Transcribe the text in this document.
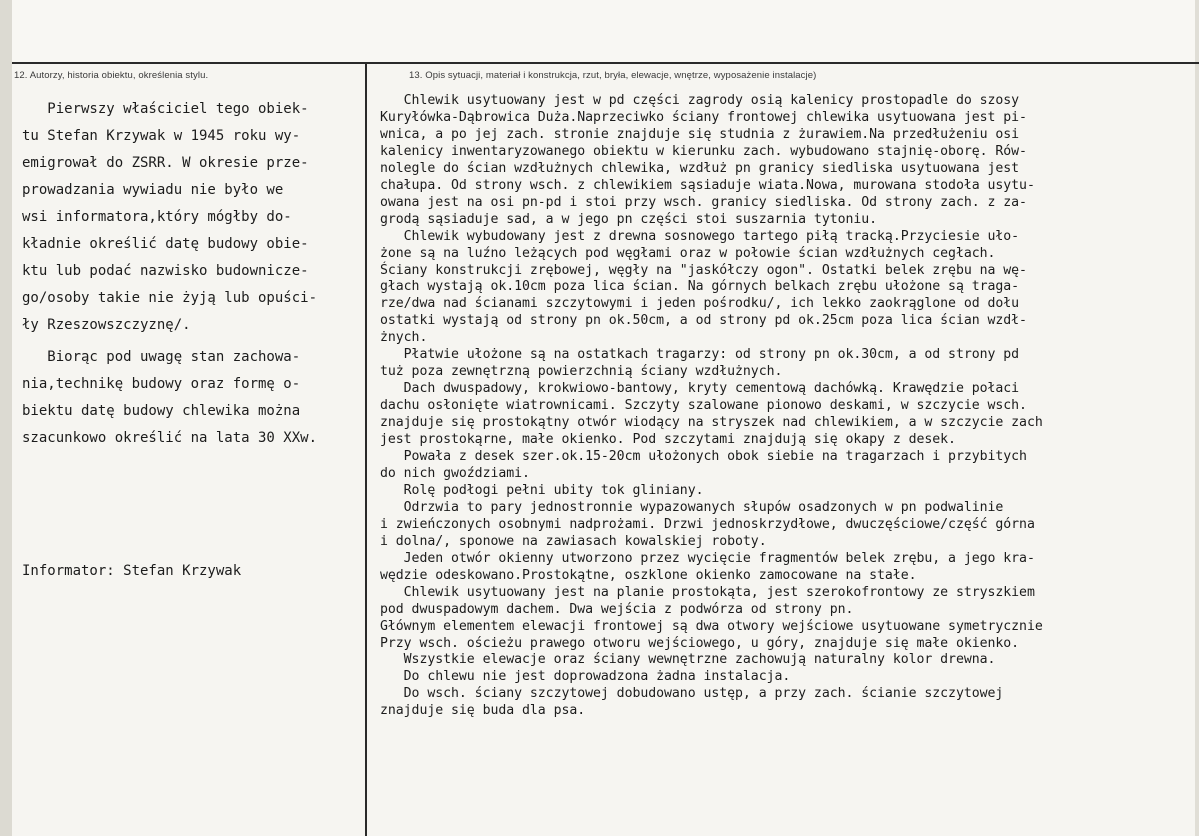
12. Autorzy, historia obiektu, określenia stylu.	13. Opis sytuacji, materiał i konstrukcja, rzut, bryła, elewacje, wnętrze, wyposażenie instalacje)
Pierwszy właściciel tego obiek-
tu Stefan Krzywak w 1945 roku wy-
emigrował do ZSRR. W okresie prze-
prowadzania wywiadu nie było we
wsi informatora,który mógłby do-
kładnie określić datę budowy obie-
ktu lub podać nazwisko budowniczе-
go/osoby takie nie żyją lub opuści-
ły Rzeszowszczyznę/.
Biorąc pod uwagę stan zachowa-
nia,technikę budowy oraz formę o-
biektu datę budowy chlewika można
szacunkowo określić na lata 30 XXw.
Informator: Stefan Krzywak
Chlewik usytuowany jest w pd części zagrody osią kalenicy prostopadle do szosy
Kuryłówka-Dąbrowica Duża.Naprzeciwko ściany frontowej chlewika usytuowana jest pi-
wnica, a po jej zach. stronie znajduje się studnia z żurawiem.Na przedłużeniu osi
kalenicy inwentaryzowanego obiektu w kierunku zach. wybudowano stajnię-oborę. Rów-
nolegle do ścian wzdłużnych chlewika, wzdłuż pn granicy siedliska usytuowana jest
chałupa. Od strony wsch. z chlewikiem sąsiaduje wiata.Nowa, murowana stodoła usytu-
owana jest na osi pn-pd i stoi przy wsch. granicy siedliska. Od strony zach. z za-
grodą sąsiaduje sad, a w jego pn części stoi suszarnia tytoniu.
Chlewik wybudowany jest z drewna sosnowego tartego piłą tracką.Przyciesie uło-
żone są na luźno leżących pod węgłami oraz w połowie ścian wzdłużnych cegłach.
Ściany konstrukcji zrębowej, węgły na "jaskółczy ogon". Ostatki belek zrębu na wę-
głach wystają ok.10cm poza lica ścian. Na górnych belkach zrębu ułożone są traga-
rze/dwa nad ścianami szczytowymi i jeden pośrodku/, ich lekko zaokrąglone od dołu
ostatki wystają od strony pn ok.50cm, a od strony pd ok.25cm poza lica ścian wzdł-
żnych.
Płatwie ułożone są na ostatkach tragarzy: od strony pn ok.30cm, a od strony pd
tuż poza zewnętrzną powierzchnią ściany wzdłużnych.
Dach dwuspadowy, krokwiowo-bantowy, kryty cementową dachówką. Krawędzie połaci
dachu osłonięte wiatrownicami. Szczyty szalowane pionowo deskami, w szczycie wsch.
znajduje się prostokątny otwór wiodący na stryszek nad chlewikiem, a w szczycie zach
jest prostokąrne, małe okienko. Pod szczytami znajdują się okapy z desek.
Powała z desek szer.ok.15-20cm ułożonych obok siebie na tragarzach i przybitych
do nich gwoździami.
Rolę podłogi pełni ubity tok gliniany.
Odrzwia to pary jednostronnie wypazowanych słupów osadzonych w pn podwalinie
i zwieńczonych osobnymi nadprożami. Drzwi jednoskrzydłowe, dwuczęściowe/część górna
i dolna/, sponowe na zawiasach kowalskiej roboty.
Jeden otwór okienny utworzono przez wycięcie fragmentów belek zrębu, a jego kra-
wędzie odeskowano.Prostokątne, oszklone okienko zamocowane na stałe.
Chlewik usytuowany jest na planie prostokąta, jest szerokofrontowy ze stryszkiem
pod dwuspadowym dachem. Dwa wejścia z podwórza od strony pn.
Głównym elementem elewacji frontowej są dwa otwory wejściowe usytuowane symetrycznie
Przy wsch. ościeżu prawego otworu wejściowego, u góry, znajduje się małe okienko.
Wszystkie elewacje oraz ściany wewnętrzne zachowują naturalny kolor drewna.
Do chlewu nie jest doprowadzona żadna instalacja.
Do wsch. ściany szczytowej dobudowano ustęp, a przy zach. ścianie szczytowej
znajduje się buda dla psa.
